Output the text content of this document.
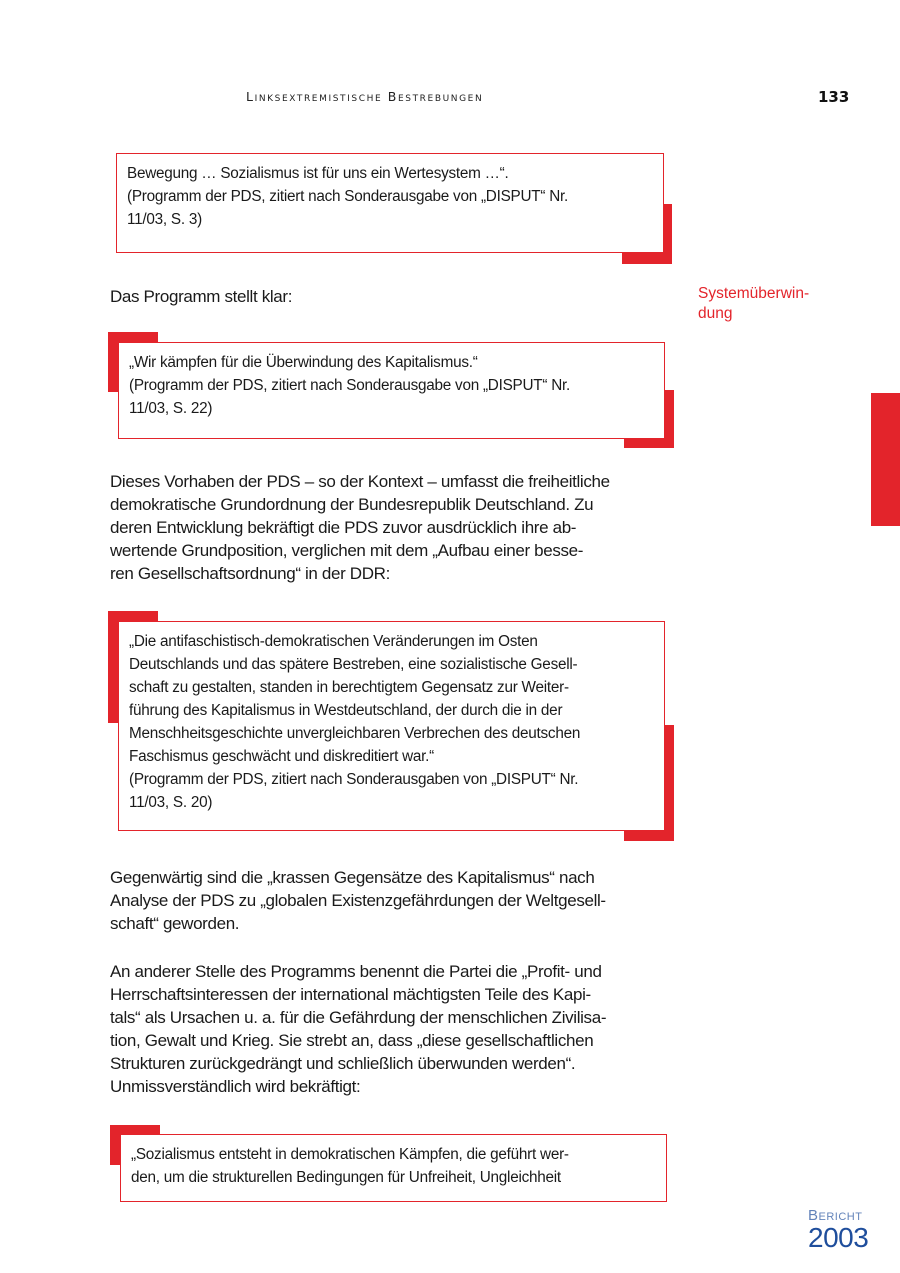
Linksextremistische Bestrebungen	133
Systemüberwin-
dung

Bewegung … Sozialismus ist für uns ein Wertesystem …“.

(Programm der PDS, zitiert nach Sonderausgabe von „DISPUT“ Nr.

11/03, S. 3)

Das Programm stellt klar:

„Wir kämpfen für die Überwindung des Kapitalismus.“

(Programm der PDS, zitiert nach Sonderausgabe von „DISPUT“ Nr.

11/03, S. 22)

Dieses Vorhaben der PDS – so der Kontext – umfasst die freiheitliche
demokratische Grundordnung der Bundesrepublik Deutschland. Zu
deren Entwicklung bekräftigt die PDS zuvor ausdrücklich ihre ab-
wertende Grundposition, verglichen mit dem „Aufbau einer besse-
ren Gesellschaftsordnung“ in der DDR:

„Die antifaschistisch-demokratischen Veränderungen im Osten

Deutschlands und das spätere Bestreben, eine sozialistische Gesell-

schaft zu gestalten, standen in berechtigtem Gegensatz zur Weiter-

führung des Kapitalismus in Westdeutschland, der durch die in der

Menschheitsgeschichte unvergleichbaren Verbrechen des deutschen

Faschismus geschwächt und diskreditiert war.“

(Programm der PDS, zitiert nach Sonderausgaben von „DISPUT“ Nr.

11/03, S. 20)

Gegenwärtig sind die „krassen Gegensätze des Kapitalismus“ nach
Analyse der PDS zu „globalen Existenzgefährdungen der Weltgesell-
schaft“ geworden.
An anderer Stelle des Programms benennt die Partei die „Profit- und
Herrschaftsinteressen der international mächtigsten Teile des Kapi-
tals“ als Ursachen u. a. für die Gefährdung der menschlichen Zivilisa-
tion, Gewalt und Krieg. Sie strebt an, dass „diese gesellschaftlichen
Strukturen zurückgedrängt und schließlich überwunden werden“.
Unmissverständlich wird bekräftigt:

„Sozialismus entsteht in demokratischen Kämpfen, die geführt wer-

den, um die strukturellen Bedingungen für Unfreiheit, Ungleichheit

Bericht
2003
